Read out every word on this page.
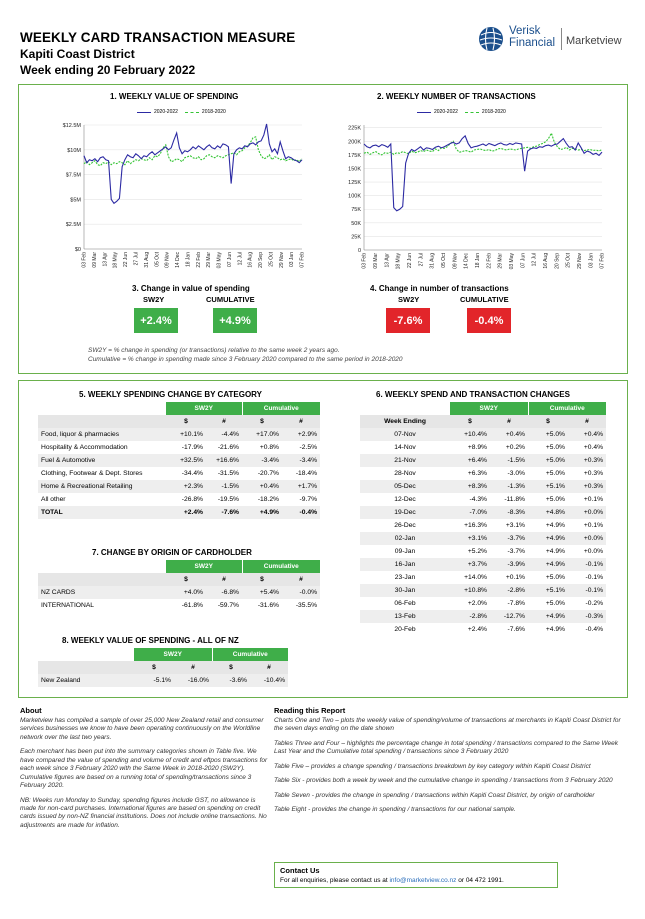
WEEKLY CARD TRANSACTION MEASURE
Kapiti Coast District
Week ending 20 February 2022
Verisk
Financial Marketview
1. WEEKLY VALUE OF SPENDING
2020-2022	2018-2020
$0
$2.5M
$5M
$7.5M
$10M
$12.5M
03 Feb 09 Mar 13 Apr 18 May 22 Jun 27 Jul 31 Aug 05 Oct 09 Nov 14 Dec 18 Jan 22 Feb 29 Mar 03 May 07 Jun 12 Jul 16 Aug 20 Sep 25 Oct 29 Nov 03 Jan 07 Feb
2. WEEKLY NUMBER OF TRANSACTIONS
2020-2022	2018-2020
0
25K
50K
75K
100K
125K
150K
175K
200K
225K
03 Feb 09 Mar 13 Apr 18 May 22 Jun 27 Jul 31 Aug 05 Oct 09 Nov 14 Dec 18 Jan 22 Feb 29 Mar 03 May 07 Jun 12 Jul 16 Aug 20 Sep 25 Oct 29 Nov 03 Jan 07 Feb
3. Change in value of spending
SW2Y	CUMULATIVE
+2.4%	+4.9%
4. Change in number of transactions
SW2Y	CUMULATIVE
-7.6%	-0.4%
SW2Y = % change in spending (or transactions) relative to the same week 2 years ago.
Cumulative = % change in spending made since 3 February 2020 compared to the same period in 2018-2020
5. WEEKLY SPENDING CHANGE BY CATEGORY
	SW2Y		Cumulative	
	$	#	$	#
Food, liquor & pharmacies	+10.1%	-4.4%	+17.0%	+2.9%
Hospitality & Accommodation	-17.9%	-21.6%	+0.8%	-2.5%
Fuel & Automotive	+32.5%	+16.6%	-3.4%	-3.4%
Clothing, Footwear & Dept. Stores	-34.4%	-31.5%	-20.7%	-18.4%
Home & Recreational Retailing	+2.3%	-1.5%	+0.4%	+1.7%
All other	-26.8%	-19.5%	-18.2%	-9.7%
TOTAL	+2.4%	-7.6%	+4.9%	-0.4%
7. CHANGE BY ORIGIN OF CARDHOLDER
	SW2Y		Cumulative	
	$	#	$	#
NZ CARDS	+4.0%	-6.8%	+5.4%	-0.0%
INTERNATIONAL	-61.8%	-59.7%	-31.6%	-35.5%
8. WEEKLY VALUE OF SPENDING - ALL OF NZ
	SW2Y		Cumulative	
	$	#	$	#
New Zealand	-5.1%	-16.0%	-3.6%	-10.4%
6. WEEKLY SPEND AND TRANSACTION CHANGES
	SW2Y		Cumulative	
Week Ending	$	#	$	#
07-Nov	+10.4%	+0.4%	+5.0%	+0.4%
14-Nov	+8.9%	+0.2%	+5.0%	+0.4%
21-Nov	+6.4%	-1.5%	+5.0%	+0.3%
28-Nov	+6.3%	-3.0%	+5.0%	+0.3%
05-Dec	+8.3%	-1.3%	+5.1%	+0.3%
12-Dec	-4.3%	-11.8%	+5.0%	+0.1%
19-Dec	-7.0%	-8.3%	+4.8%	+0.0%
26-Dec	+16.3%	+3.1%	+4.9%	+0.1%
02-Jan	+3.1%	-3.7%	+4.9%	+0.0%
09-Jan	+5.2%	-3.7%	+4.9%	+0.0%
16-Jan	+3.7%	-3.9%	+4.9%	-0.1%
23-Jan	+14.0%	+0.1%	+5.0%	-0.1%
30-Jan	+10.8%	-2.8%	+5.1%	-0.1%
06-Feb	+2.0%	-7.8%	+5.0%	-0.2%
13-Feb	-2.8%	-12.7%	+4.9%	-0.3%
20-Feb	+2.4%	-7.6%	+4.9%	-0.4%
About

Marketview has compiled a sample of over 25,000 New Zealand retail and consumer services businesses we know to have been operating continuously on the Worldline network over the last two years.

Each merchant has been put into the summary categories shown in Table five. We have compared the value of spending and volume of credit and eftpos transactions for each week since 3 February 2020 with the Same Week in 2018-2020 (SW2Y). Cumulative figures are based on a running total of spending/transactions since 3 February 2020.

NB: Weeks run Monday to Sunday, spending figures include GST, no allowance is made for non-card purchases. International figures are based on spending on credit cards issued by non-NZ financial institutions. Does not include online transactions. No adjustments are made for inflation.

Reading this Report

Charts One and Two – plots the weekly value of spending/volume of transactions at merchants in Kapiti Coast District for the seven days ending on the date shown

Tables Three and Four – highlights the percentage change in total spending / transactions compared to the Same Week Last Year and the Cumulative total spending / transactions since 3 February 2020

Table Five – provides a change spending / transactions breakdown by key category within Kapiti Coast District

Table Six - provides both a week by week and the cumulative change in spending / transactions from 3 February 2020

Table Seven - provides the change in spending / transactions within Kapiti Coast District, by origin of cardholder

Table Eight - provides the change in spending / transactions for our national sample.

Contact Us
For all enquiries, please contact us at info@marketview.co.nz or 04 472 1991.
